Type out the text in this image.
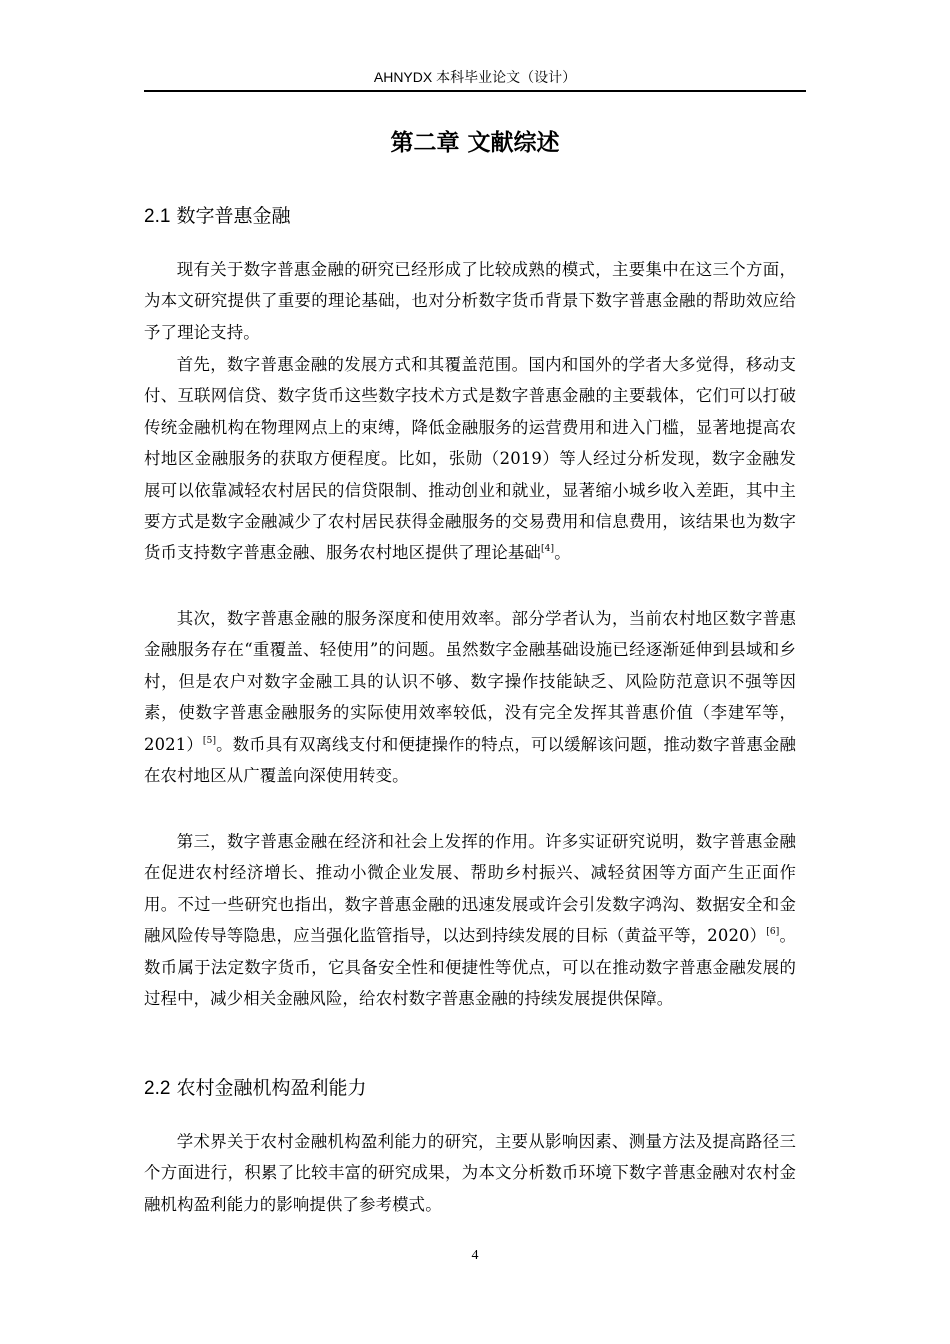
AHNYDX 本科毕业论文（设计）
第二章 文献综述
2.1 数字普惠金融
现有关于数字普惠金融的研究已经形成了比较成熟的模式，主要集中在这三个方面，为本文研究提供了重要的理论基础，也对分析数字货币背景下数字普惠金融的帮助效应给予了理论支持。
首先，数字普惠金融的发展方式和其覆盖范围。国内和国外的学者大多觉得，移动支付、互联网信贷、数字货币这些数字技术方式是数字普惠金融的主要载体，它们可以打破传统金融机构在物理网点上的束缚，降低金融服务的运营费用和进入门槛，显著地提高农村地区金融服务的获取方便程度。比如，张勋（2019）等人经过分析发现，数字金融发展可以依靠减轻农村居民的信贷限制、推动创业和就业，显著缩小城乡收入差距，其中主要方式是数字金融减少了农村居民获得金融服务的交易费用和信息费用，该结果也为数字货币支持数字普惠金融、服务农村地区提供了理论基础[4]。
其次，数字普惠金融的服务深度和使用效率。部分学者认为，当前农村地区数字普惠金融服务存在“重覆盖、轻使用”的问题。虽然数字金融基础设施已经逐渐延伸到县域和乡村，但是农户对数字金融工具的认识不够、数字操作技能缺乏、风险防范意识不强等因素，使数字普惠金融服务的实际使用效率较低，没有完全发挥其普惠价值（李建军等，2021）[5]。数币具有双离线支付和便捷操作的特点，可以缓解该问题，推动数字普惠金融在农村地区从广覆盖向深使用转变。
第三，数字普惠金融在经济和社会上发挥的作用。许多实证研究说明，数字普惠金融在促进农村经济增长、推动小微企业发展、帮助乡村振兴、减轻贫困等方面产生正面作用。不过一些研究也指出，数字普惠金融的迅速发展或许会引发数字鸿沟、数据安全和金融风险传导等隐患，应当强化监管指导，以达到持续发展的目标（黄益平等，2020）[6]。数币属于法定数字货币，它具备安全性和便捷性等优点，可以在推动数字普惠金融发展的过程中，减少相关金融风险，给农村数字普惠金融的持续发展提供保障。
2.2 农村金融机构盈利能力
学术界关于农村金融机构盈利能力的研究，主要从影响因素、测量方法及提高路径三个方面进行，积累了比较丰富的研究成果，为本文分析数币环境下数字普惠金融对农村金融机构盈利能力的影响提供了参考模式。
4
